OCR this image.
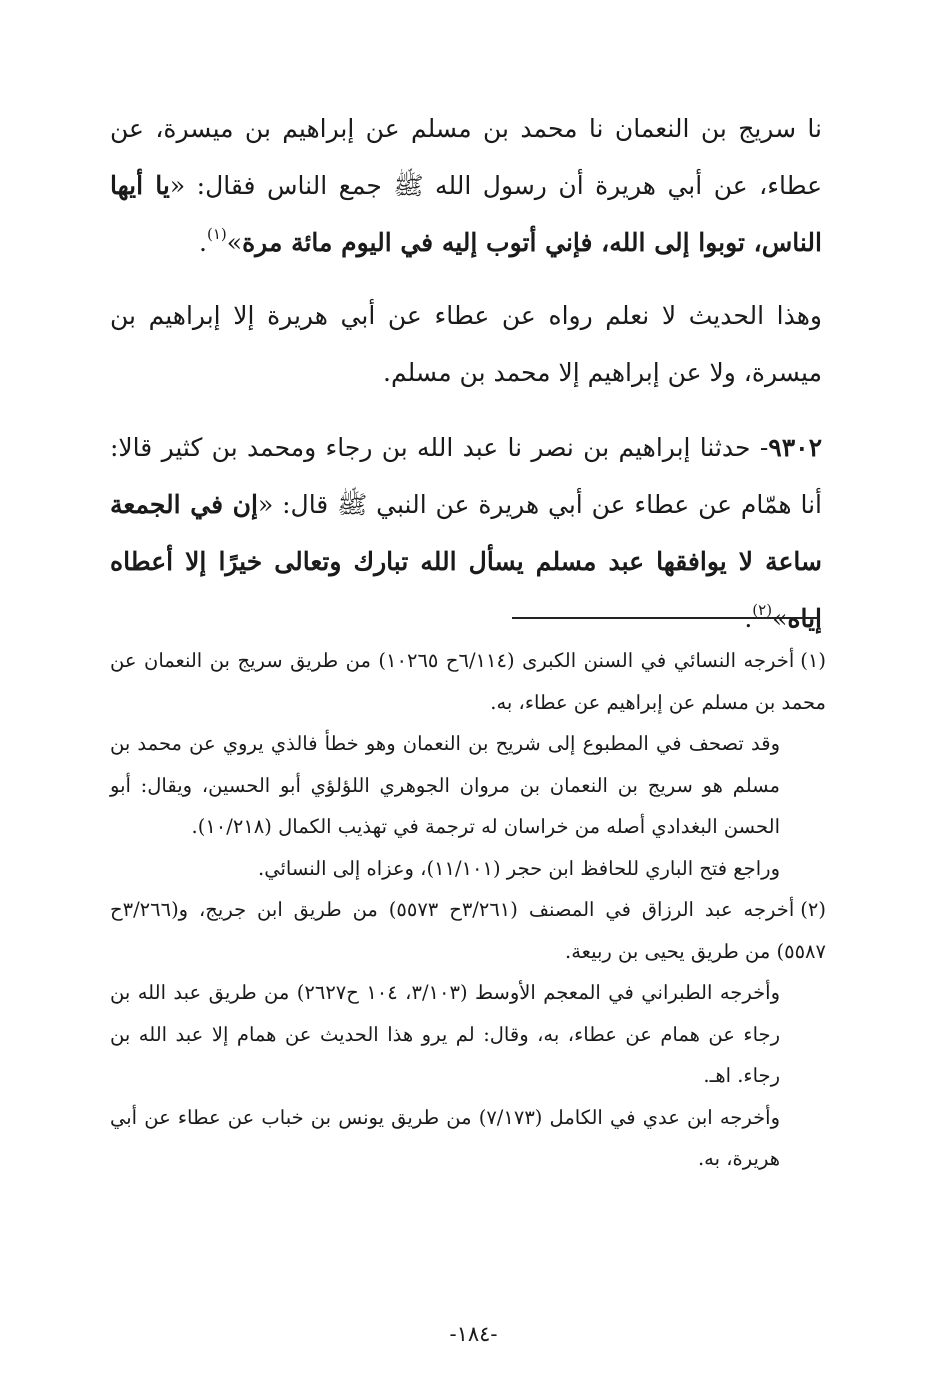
نا سريج بن النعمان نا محمد بن مسلم عن إبراهيم بن ميسرة، عن عطاء، عن أبي هريرة أن رسول الله ﷺ جمع الناس فقال: «يا أيها الناس، توبوا إلى الله، فإني أتوب إليه في اليوم مائة مرة»$^{(١)}$.

وهذا الحديث لا نعلم رواه عن عطاء عن أبي هريرة إلا إبراهيم بن ميسرة، ولا عن إبراهيم إلا محمد بن مسلم.

٩٣٠٢- حدثنا إبراهيم بن نصر نا عبد الله بن رجاء ومحمد بن كثير قالا: أنا همّام عن عطاء عن أبي هريرة عن النبي ﷺ قال: «إن في الجمعة ساعة لا يوافقها عبد مسلم يسأل الله تبارك وتعالى خيرًا إلا أعطاه إياه»$^{(٢)}$.

(١)أخرجه النسائي في السنن الكبرى (٦/١١٤ح ١٠٢٦٥) من طريق سريج بن النعمان عن محمد بن مسلم عن إبراهيم عن عطاء، به.

وقد تصحف في المطبوع إلى شريح بن النعمان وهو خطأ فالذي يروي عن محمد بن مسلم هو سريج بن النعمان بن مروان الجوهري اللؤلؤي أبو الحسين، ويقال: أبو الحسن البغدادي أصله من خراسان له ترجمة في تهذيب الكمال (١٠/٢١٨).

وراجع فتح الباري للحافظ ابن حجر (١١/١٠١)، وعزاه إلى النسائي.

(٢)أخرجه عبد الرزاق في المصنف (٣/٢٦١ح ٥٥٧٣) من طريق ابن جريج، و(٣/٢٦٦ح ٥٥٨٧) من طريق يحيى بن ربيعة.

وأخرجه الطبراني في المعجم الأوسط (٣/١٠٣، ١٠٤ ح٢٦٢٧) من طريق عبد الله بن رجاء عن همام عن عطاء، به، وقال: لم يرو هذا الحديث عن همام إلا عبد الله بن رجاء. اهـ.

وأخرجه ابن عدي في الكامل (٧/١٧٣) من طريق يونس بن خباب عن عطاء عن أبي هريرة، به.

-١٨٤-
